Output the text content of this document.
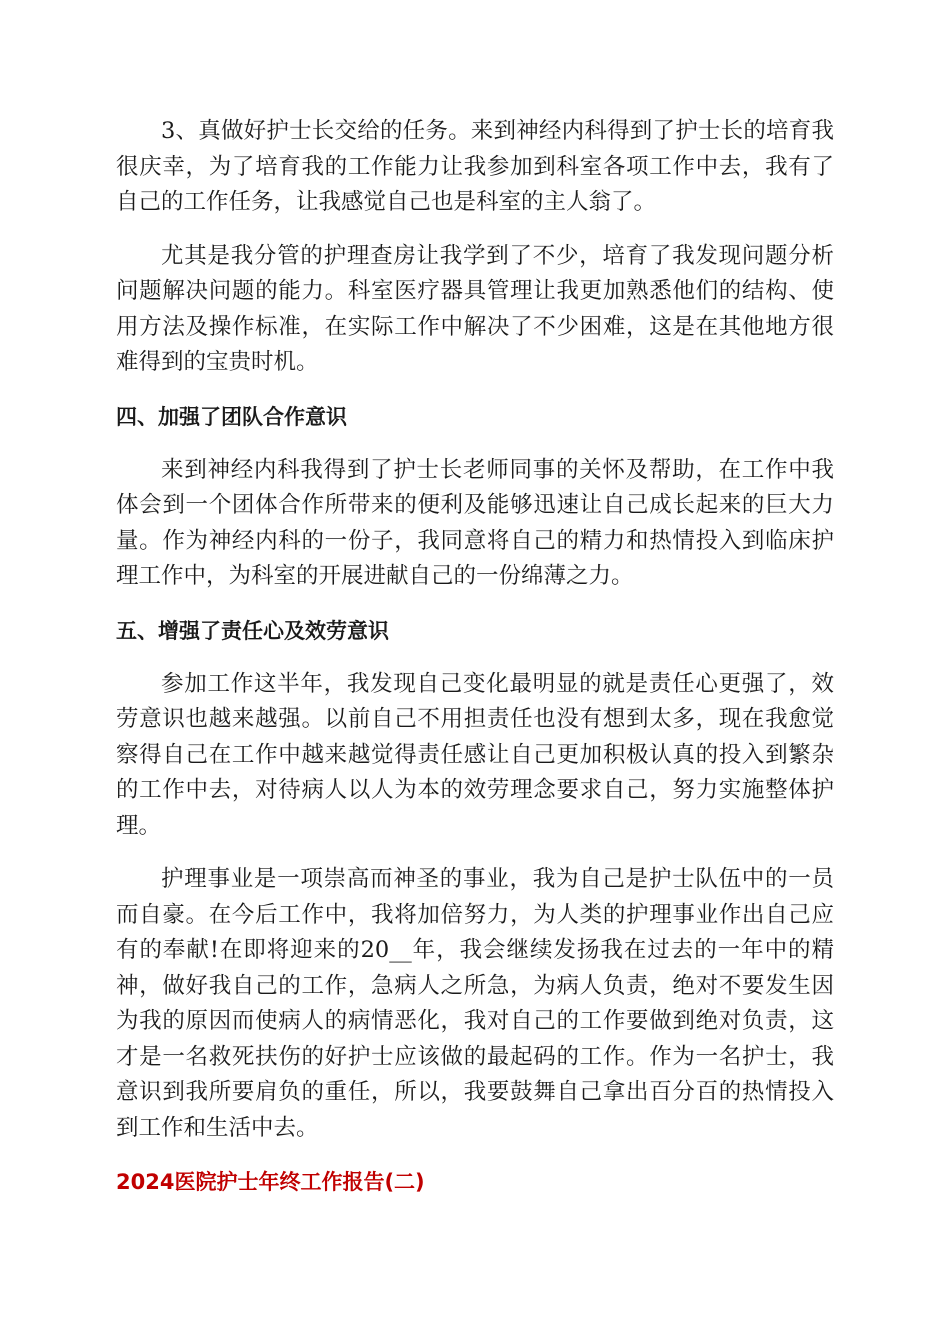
3、真做好护士长交给的任务。来到神经内科得到了护士长的培育我很庆幸，为了培育我的工作能力让我参加到科室各项工作中去，我有了自己的工作任务，让我感觉自己也是科室的主人翁了。

尤其是我分管的护理查房让我学到了不少，培育了我发现问题分析问题解决问题的能力。科室医疗器具管理让我更加熟悉他们的结构、使用方法及操作标准，在实际工作中解决了不少困难，这是在其他地方很难得到的宝贵时机。

四、加强了团队合作意识

来到神经内科我得到了护士长老师同事的关怀及帮助，在工作中我体会到一个团体合作所带来的便利及能够迅速让自己成长起来的巨大力量。作为神经内科的一份子，我同意将自己的精力和热情投入到临床护理工作中，为科室的开展进献自己的一份绵薄之力。

五、增强了责任心及效劳意识

参加工作这半年，我发现自己变化最明显的就是责任心更强了，效劳意识也越来越强。以前自己不用担责任也没有想到太多，现在我愈觉察得自己在工作中越来越觉得责任感让自己更加积极认真的投入到繁杂的工作中去，对待病人以人为本的效劳理念要求自己，努力实施整体护理。

护理事业是一项崇高而神圣的事业，我为自己是护士队伍中的一员而自豪。在今后工作中，我将加倍努力，为人类的护理事业作出自己应有的奉献!在即将迎来的20__年，我会继续发扬我在过去的一年中的精神，做好我自己的工作，急病人之所急，为病人负责，绝对不要发生因为我的原因而使病人的病情恶化，我对自己的工作要做到绝对负责，这才是一名救死扶伤的好护士应该做的最起码的工作。作为一名护士，我意识到我所要肩负的重任，所以，我要鼓舞自己拿出百分百的热情投入到工作和生活中去。

2024医院护士年终工作报告(二)
